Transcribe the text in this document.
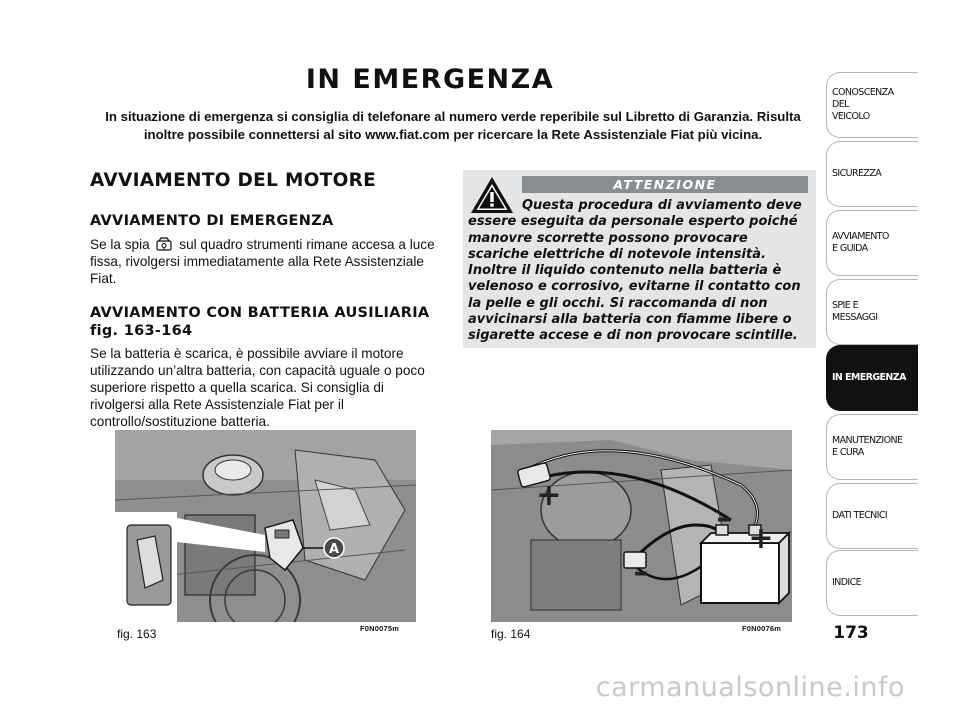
IN EMERGENZA
In situazione di emergenza si consiglia di telefonare al numero verde reperibile sul Libretto di Garanzia. Risulta inoltre possibile connettersi al sito www.fiat.com per ricercare la Rete Assistenziale Fiat più vicina.
AVVIAMENTO DEL MOTORE
AVVIAMENTO DI EMERGENZA
Se la spia sul quadro strumenti rimane accesa a luce fissa, rivolgersi immediatamente alla Rete Assistenziale Fiat.
AVVIAMENTO CON BATTERIA AUSILIARIA fig. 163-164
Se la batteria è scarica, è possibile avviare il motore utilizzando un’altra batteria, con capacità uguale o poco superiore rispetto a quella scarica. Si consiglia di rivolgersi alla Rete Assistenziale Fiat per il controllo/sostituzione batteria.
ATTENZIONE
Questa procedura di avviamento deve essere eseguita da personale esperto poiché manovre scorrette possono provocare scariche elettriche di notevole intensità. Inoltre il liquido contenuto nella batteria è velenoso e corrosivo, evitarne il contatto con la pelle e gli occhi. Si raccomanda di non avvicinarsi alla batteria con fiamme libere o sigarette accese e di non provocare scintille.
A
fig. 163	F0N0075m
+
–
+
–
fig. 164	F0N0076m
CONOSCENZA
DEL
VEICOLO
SICUREZZA
AVVIAMENTO
E GUIDA
SPIE E
MESSAGGI
IN EMERGENZA
MANUTENZIONE
E CURA
DATI TECNICI
INDICE
173
carmanualsonline.info
